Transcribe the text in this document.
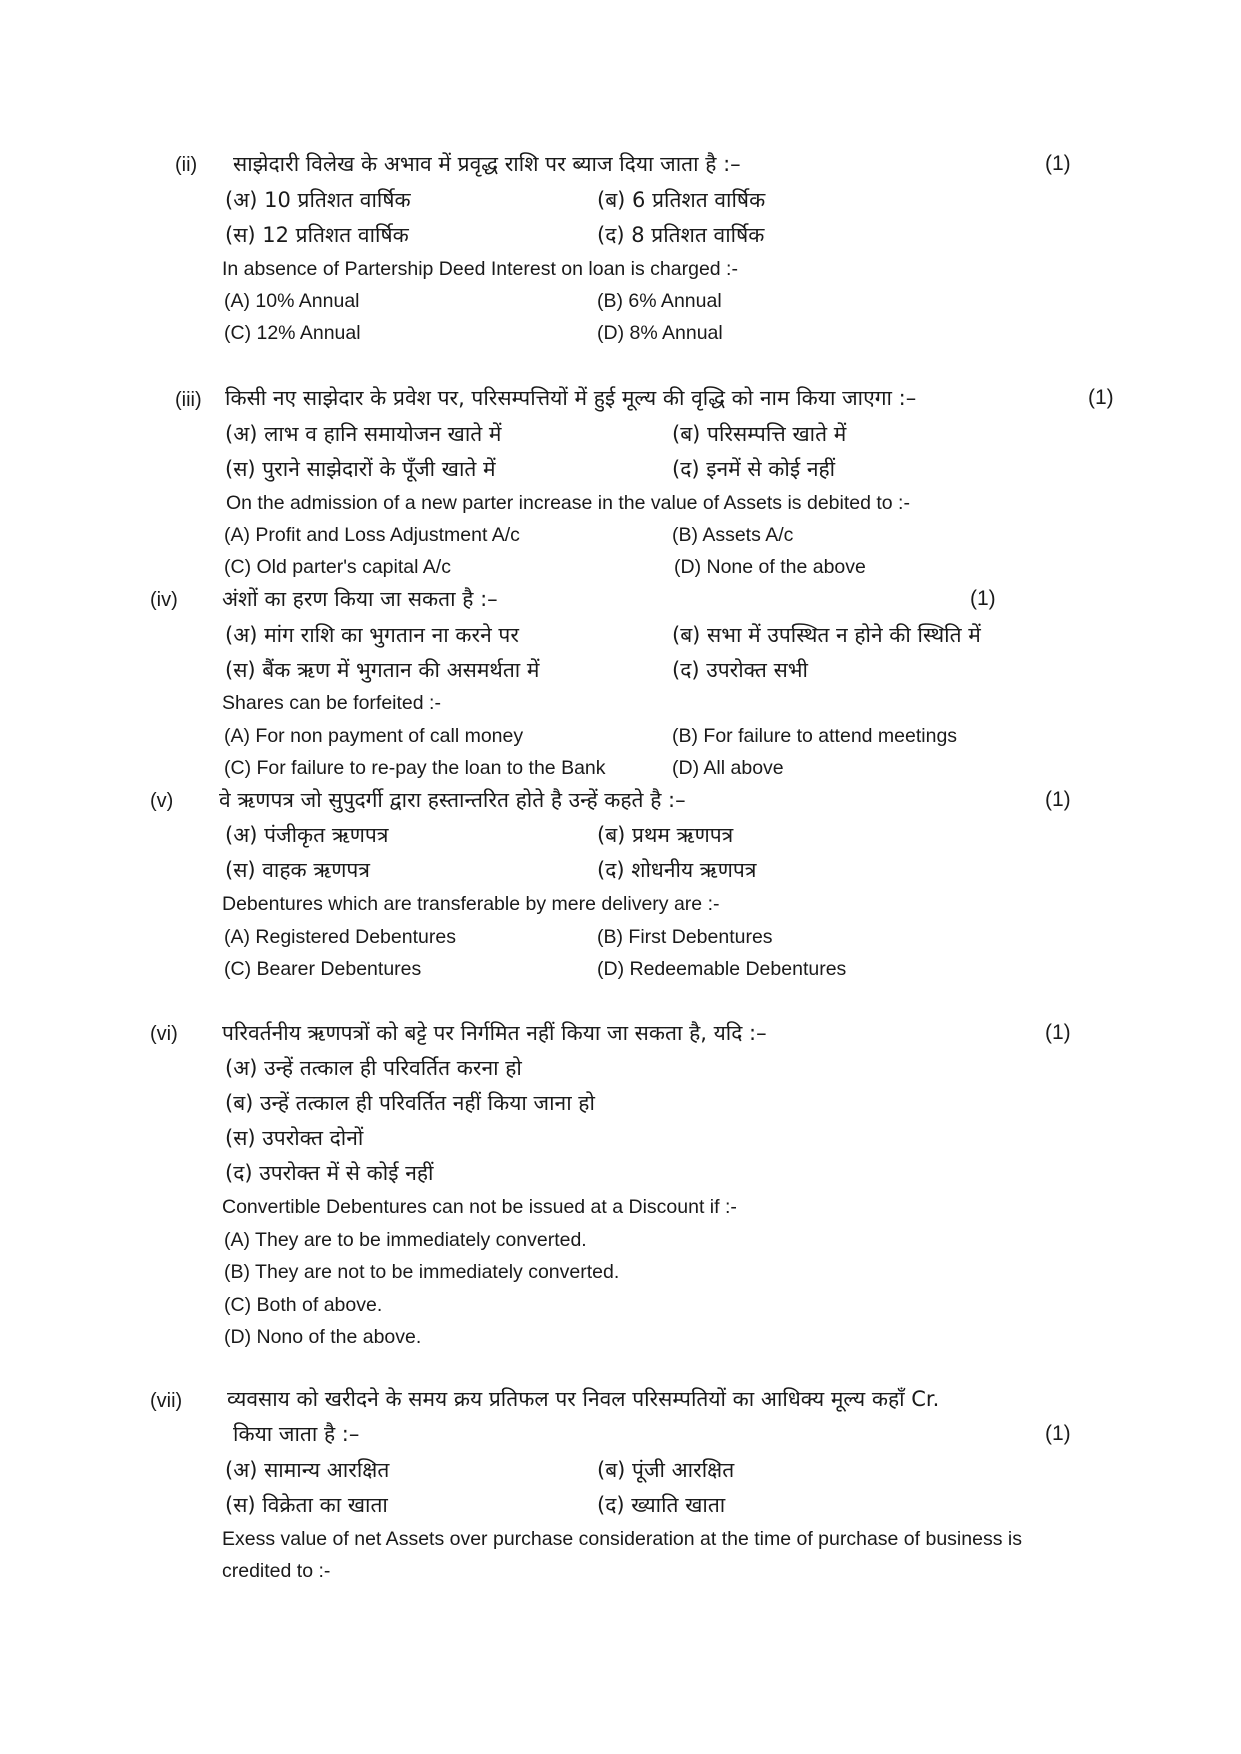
(ii) साझेदारी विलेख के अभाव में प्रवृद्ध राशि पर ब्याज दिया जाता है :–	(1)
(अ) 10 प्रतिशत वार्षिक	(ब) 6 प्रतिशत वार्षिक
(स) 12 प्रतिशत वार्षिक	(द) 8 प्रतिशत वार्षिक
In absence of Partership Deed Interest on loan is charged :-
(A) 10% Annual	(B) 6% Annual
(C) 12% Annual	(D) 8% Annual
(iii) किसी नए साझेदार के प्रवेश पर, परिसम्पत्तियों में हुई मूल्य की वृद्धि को नाम किया जाएगा :–	(1)
(अ) लाभ व हानि समायोजन खाते में	(ब) परिसम्पत्ति खाते में
(स) पुराने साझेदारों के पूँजी खाते में	(द) इनमें से कोई नहीं
On the admission of a new parter increase in the value of Assets is debited to :-
(A) Profit and Loss Adjustment A/c	(B) Assets A/c
(C) Old parter's capital A/c	(D) None of the above
(iv) अंशों का हरण किया जा सकता है :–	(1)
(अ) मांग राशि का भुगतान ना करने पर	(ब) सभा में उपस्थित न होने की स्थिति में
(स) बैंक ऋण में भुगतान की असमर्थता में	(द) उपरोक्त सभी
Shares can be forfeited :-
(A) For non payment of call money	(B) For failure to attend meetings
(C) For failure to re-pay the loan to the Bank	(D) All above
(v) वे ऋणपत्र जो सुपुदर्गी द्वारा हस्तान्तरित होते है उन्हें कहते है :–	(1)
(अ) पंजीकृत ऋणपत्र	(ब) प्रथम ऋणपत्र
(स) वाहक ऋणपत्र	(द) शोधनीय ऋणपत्र
Debentures which are transferable by mere delivery are :-
(A) Registered Debentures	(B) First Debentures
(C) Bearer Debentures	(D) Redeemable Debentures
(vi) परिवर्तनीय ऋणपत्रों को बट्टे पर निर्गमित नहीं किया जा सकता है, यदि :–	(1)
(अ) उन्हें तत्काल ही परिवर्तित करना हो
(ब) उन्हें तत्काल ही परिवर्तित नहीं किया जाना हो
(स) उपरोक्त दोनों
(द) उपरोक्त में से कोई नहीं
Convertible Debentures can not be issued at a Discount if :-
(A) They are to be immediately converted.
(B) They are not to be immediately converted.
(C) Both of above.
(D) Nono of the above.
(vii) व्यवसाय को खरीदने के समय क्रय प्रतिफल पर निवल परिसम्पतियों का आधिक्य मूल्य कहाँ Cr.
किया जाता है :–	(1)
(अ) सामान्य आरक्षित	(ब) पूंजी आरक्षित
(स) विक्रेता का खाता	(द) ख्याति खाता
Exess value of net Assets over purchase consideration at the time of purchase of business is
credited to :-
